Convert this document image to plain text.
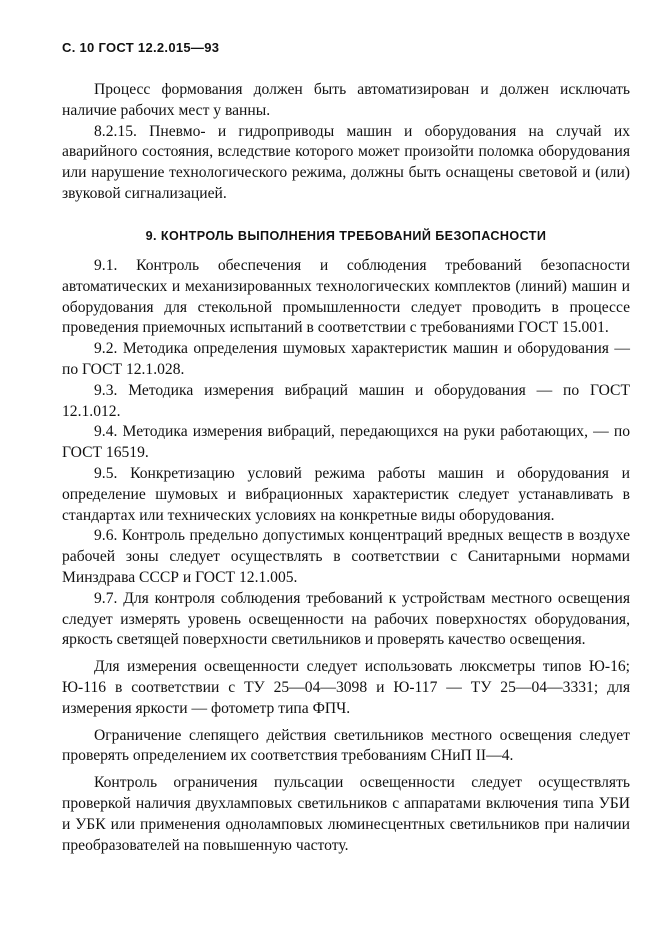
С. 10 ГОСТ 12.2.015—93

Процесс формования должен быть автоматизирован и должен исключать наличие рабочих мест у ванны.

8.2.15. Пневмо- и гидроприводы машин и оборудования на случай их аварийного состояния, вследствие которого может произойти поломка оборудования или нарушение технологического режима, должны быть оснащены световой и (или) звуковой сигнализацией.

9. КОНТРОЛЬ ВЫПОЛНЕНИЯ ТРЕБОВАНИЙ БЕЗОПАСНОСТИ

9.1. Контроль обеспечения и соблюдения требований безопасности автоматических и механизированных технологических комплектов (линий) машин и оборудования для стекольной промышленности следует проводить в процессе проведения приемочных испытаний в соответствии с требованиями ГОСТ 15.001.

9.2. Методика определения шумовых характеристик машин и оборудования — по ГОСТ 12.1.028.

9.3. Методика измерения вибраций машин и оборудования — по ГОСТ 12.1.012.

9.4. Методика измерения вибраций, передающихся на руки работающих, — по ГОСТ 16519.

9.5. Конкретизацию условий режима работы машин и оборудования и определение шумовых и вибрационных характеристик следует устанавливать в стандартах или технических условиях на конкретные виды оборудования.

9.6. Контроль предельно допустимых концентраций вредных веществ в воздухе рабочей зоны следует осуществлять в соответствии с Санитарными нормами Минздрава СССР и ГОСТ 12.1.005.

9.7. Для контроля соблюдения требований к устройствам местного освещения следует измерять уровень освещенности на рабочих поверхностях оборудования, яркость светящей поверхности светильников и проверять качество освещения.

Для измерения освещенности следует использовать люксметры типов Ю-16; Ю-116 в соответствии с ТУ 25—04—3098 и Ю-117 — ТУ 25—04—3331; для измерения яркости — фотометр типа ФПЧ.

Ограничение слепящего действия светильников местного освещения следует проверять определением их соответствия требованиям СНиП II—4.

Контроль ограничения пульсации освещенности следует осуществлять проверкой наличия двухламповых светильников с аппаратами включения типа УБИ и УБК или применения одноламповых люминесцентных светильников при наличии преобразователей на повышенную частоту.
